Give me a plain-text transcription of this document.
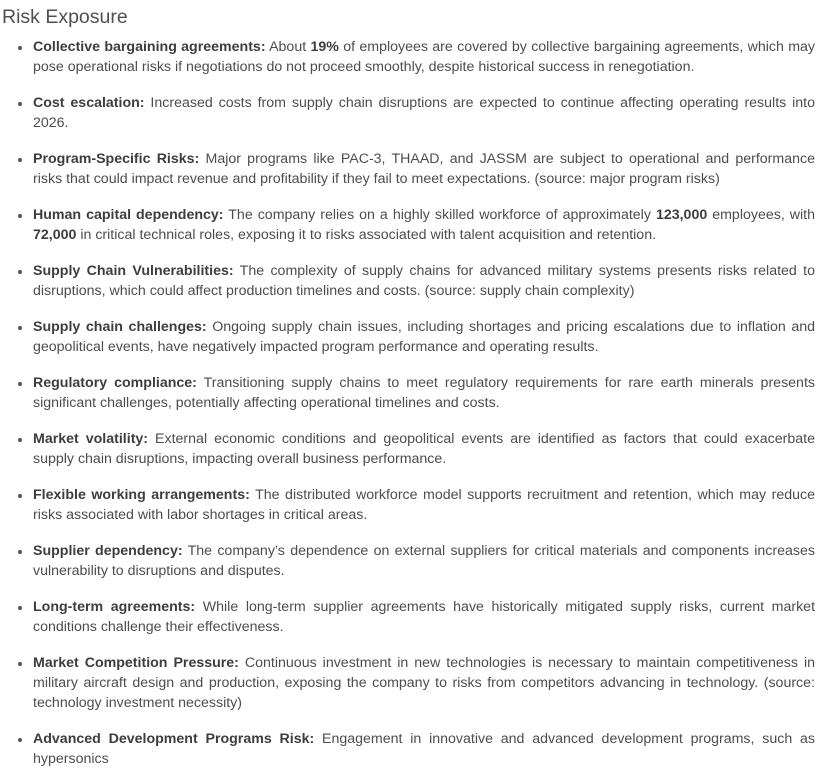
Risk Exposure
Collective bargaining agreements: About 19% of employees are covered by collective bargaining agreements, which may pose operational risks if negotiations do not proceed smoothly, despite historical success in renegotiation.
Cost escalation: Increased costs from supply chain disruptions are expected to continue affecting operating results into 2026.
Program-Specific Risks: Major programs like PAC-3, THAAD, and JASSM are subject to operational and performance risks that could impact revenue and profitability if they fail to meet expectations. (source: major program risks)
Human capital dependency: The company relies on a highly skilled workforce of approximately 123,000 employees, with 72,000 in critical technical roles, exposing it to risks associated with talent acquisition and retention.
Supply Chain Vulnerabilities: The complexity of supply chains for advanced military systems presents risks related to disruptions, which could affect production timelines and costs. (source: supply chain complexity)
Supply chain challenges: Ongoing supply chain issues, including shortages and pricing escalations due to inflation and geopolitical events, have negatively impacted program performance and operating results.
Regulatory compliance: Transitioning supply chains to meet regulatory requirements for rare earth minerals presents significant challenges, potentially affecting operational timelines and costs.
Market volatility: External economic conditions and geopolitical events are identified as factors that could exacerbate supply chain disruptions, impacting overall business performance.
Flexible working arrangements: The distributed workforce model supports recruitment and retention, which may reduce risks associated with labor shortages in critical areas.
Supplier dependency: The company’s dependence on external suppliers for critical materials and components increases vulnerability to disruptions and disputes.
Long-term agreements: While long-term supplier agreements have historically mitigated supply risks, current market conditions challenge their effectiveness.
Market Competition Pressure: Continuous investment in new technologies is necessary to maintain competitiveness in military aircraft design and production, exposing the company to risks from competitors advancing in technology. (source: technology investment necessity)
Advanced Development Programs Risk: Engagement in innovative and advanced development programs, such as hypersonics
